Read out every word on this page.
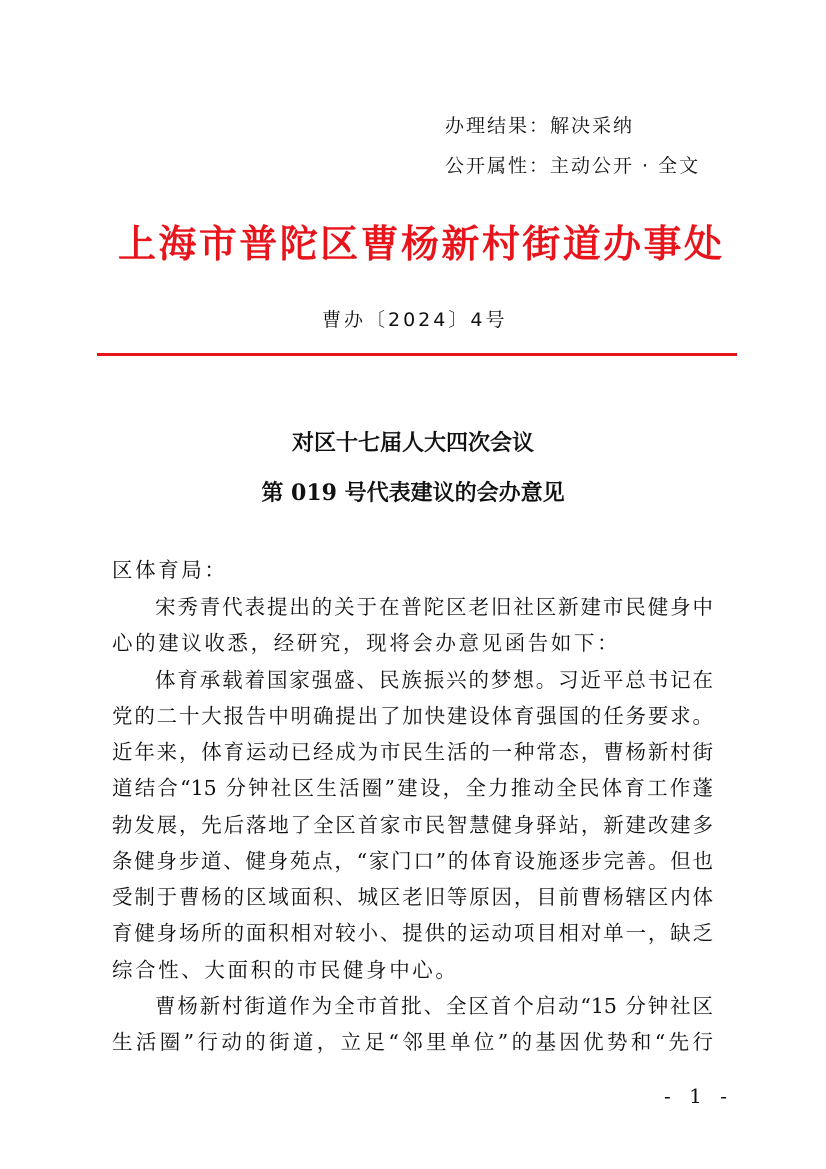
办理结果：解决采纳
公开属性：主动公开 · 全文
上海市普陀区曹杨新村街道办事处
曹办〔2024〕4号
对区十七届人大四次会议
第 019 号代表建议的会办意见
区体育局：
宋秀青代表提出的关于在普陀区老旧社区新建市民健身中
心的建议收悉，经研究，现将会办意见函告如下：
体育承载着国家强盛、民族振兴的梦想。习近平总书记在
党的二十大报告中明确提出了加快建设体育强国的任务要求。
近年来，体育运动已经成为市民生活的一种常态，曹杨新村街
道结合“15 分钟社区生活圈”建设，全力推动全民体育工作蓬
勃发展，先后落地了全区首家市民智慧健身驿站，新建改建多
条健身步道、健身苑点，“家门口”的体育设施逐步完善。但也
受制于曹杨的区域面积、城区老旧等原因，目前曹杨辖区内体
育健身场所的面积相对较小、提供的运动项目相对单一，缺乏
综合性、大面积的市民健身中心。
曹杨新村街道作为全市首批、全区首个启动“15 分钟社区
生活圈”行动的街道，立足“邻里单位”的基因优势和“先行
- 1 -
